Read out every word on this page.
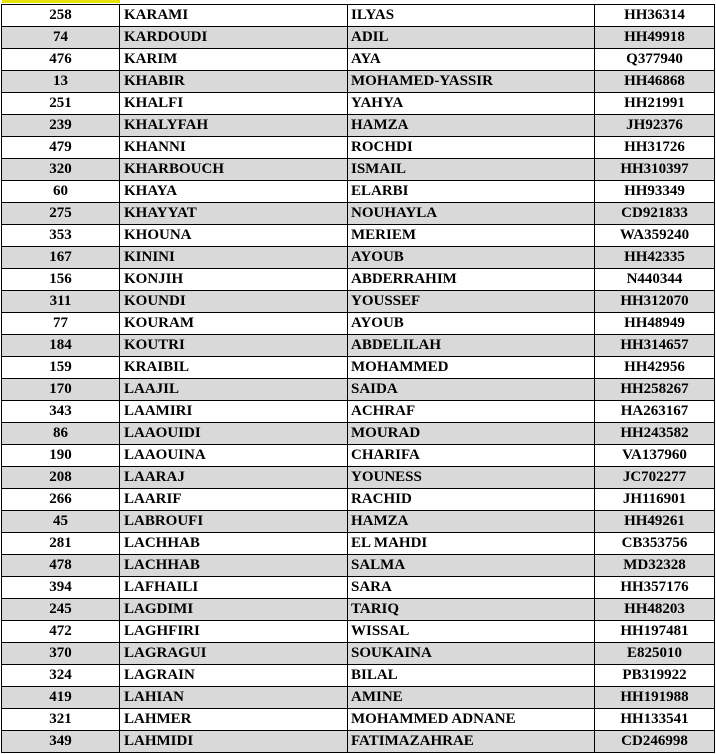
258	KARAMI	ILYAS	HH36314
74	KARDOUDI	ADIL	HH49918
476	KARIM	AYA	Q377940
13	KHABIR	MOHAMED-YASSIR	HH46868
251	KHALFI	YAHYA	HH21991
239	KHALYFAH	HAMZA	JH92376
479	KHANNI	ROCHDI	HH31726
320	KHARBOUCH	ISMAIL	HH310397
60	KHAYA	ELARBI	HH93349
275	KHAYYAT	NOUHAYLA	CD921833
353	KHOUNA	MERIEM	WA359240
167	KININI	AYOUB	HH42335
156	KONJIH	ABDERRAHIM	N440344
311	KOUNDI	YOUSSEF	HH312070
77	KOURAM	AYOUB	HH48949
184	KOUTRI	ABDELILAH	HH314657
159	KRAIBIL	MOHAMMED	HH42956
170	LAAJIL	SAIDA	HH258267
343	LAAMIRI	ACHRAF	HA263167
86	LAAOUIDI	MOURAD	HH243582
190	LAAOUINA	CHARIFA	VA137960
208	LAARAJ	YOUNESS	JC702277
266	LAARIF	RACHID	JH116901
45	LABROUFI	HAMZA	HH49261
281	LACHHAB	EL MAHDI	CB353756
478	LACHHAB	SALMA	MD32328
394	LAFHAILI	SARA	HH357176
245	LAGDIMI	TARIQ	HH48203
472	LAGHFIRI	WISSAL	HH197481
370	LAGRAGUI	SOUKAINA	E825010
324	LAGRAIN	BILAL	PB319922
419	LAHIAN	AMINE	HH191988
321	LAHMER	MOHAMMED ADNANE	HH133541
349	LAHMIDI	FATIMAZAHRAE	CD246998
